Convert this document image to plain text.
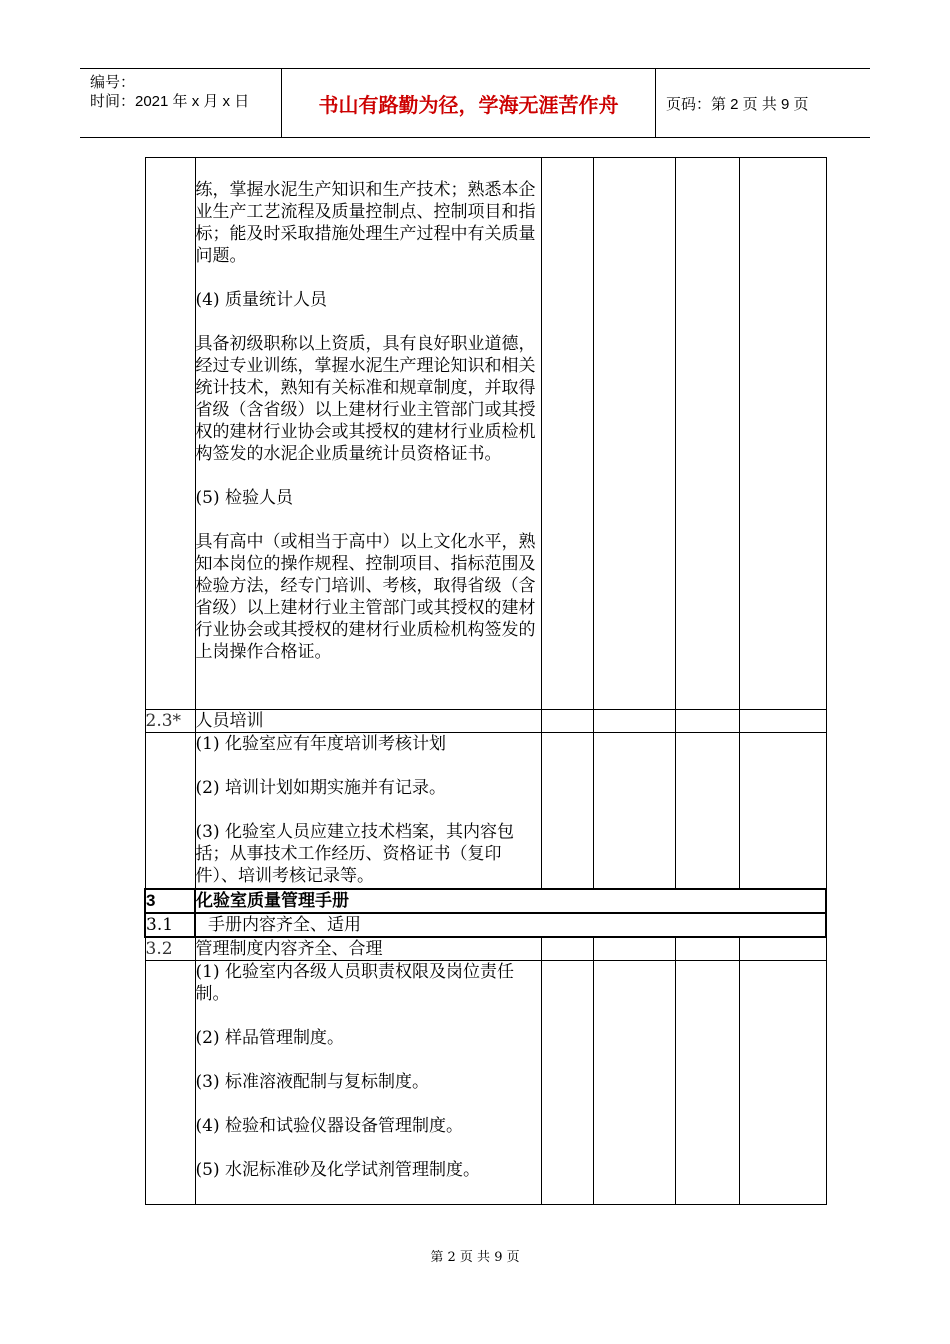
编号：
时间：2021 年 x 月 x 日	书山有路勤为径，学海无涯苦作舟	页码：第 2 页 共 9 页

	练，掌握水泥生产知识和生产技术；熟悉本企业生产工艺流程及质量控制点、控制项目和指标；能及时采取措施处理生产过程中有关质量问题。

(4) 质量统计人员

具备初级职称以上资质，具有良好职业道德，经过专业训练，掌握水泥生产理论知识和相关统计技术，熟知有关标准和规章制度，并取得省级（含省级）以上建材行业主管部门或其授权的建材行业协会或其授权的建材行业质检机构签发的水泥企业质量统计员资格证书。

(5) 检验人员

具有高中（或相当于高中）以上文化水平，熟知本岗位的操作规程、控制项目、指标范围及检验方法，经专门培训、考核，取得省级（含省级）以上建材行业主管部门或其授权的建材行业协会或其授权的建材行业质检机构签发的上岗操作合格证。				

2.3*	人员培训				

	(1) 化验室应有年度培训考核计划

(2) 培训计划如期实施并有记录。

(3) 化验室人员应建立技术档案，其内容包括；从事技术工作经历、资格证书（复印件）、培训考核记录等。				

3	化验室质量管理手册				
3.1	手册内容齐全、适用				
3.2	管理制度内容齐全、合理				

	(1) 化验室内各级人员职责权限及岗位责任制。

(2) 样品管理制度。

(3) 标准溶液配制与复标制度。

(4) 检验和试验仪器设备管理制度。

(5) 水泥标准砂及化学试剂管理制度。				

第 2 页 共 9 页
